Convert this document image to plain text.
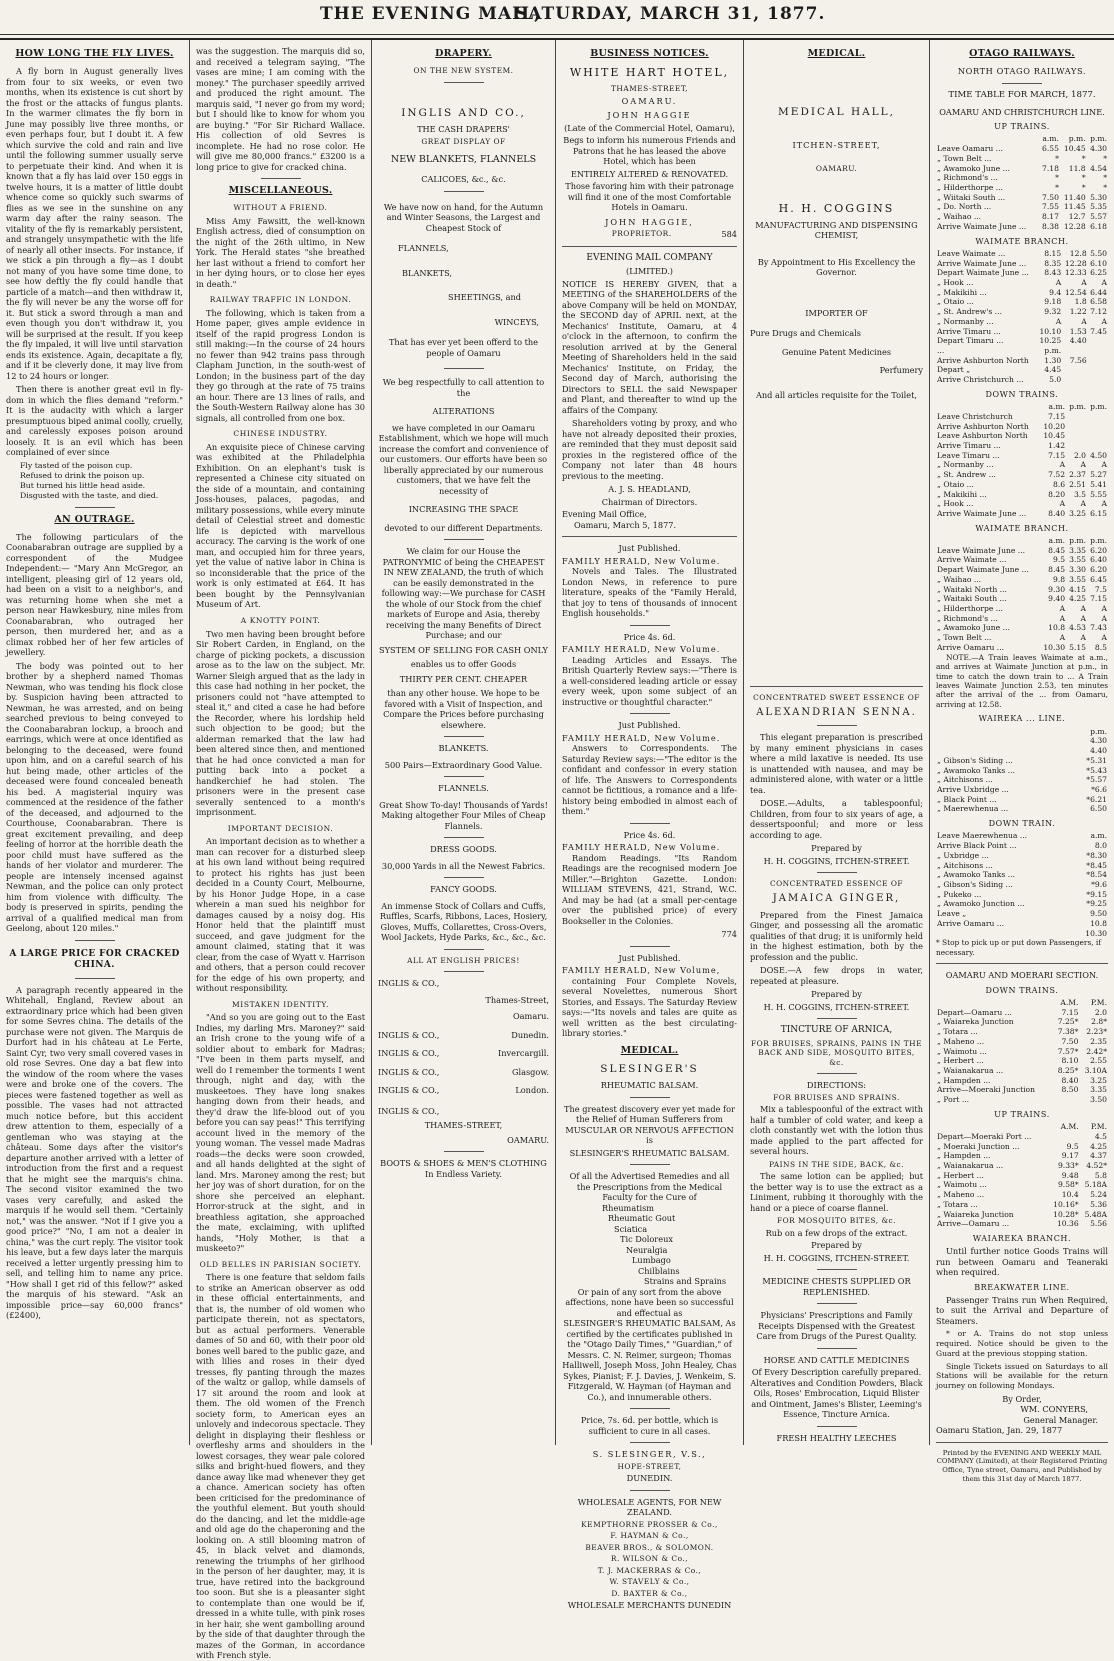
THE EVENING MAIL,
SATURDAY, MARCH 31, 1877.
HOW LONG THE FLY LIVES.

A fly born in August generally lives from four to six weeks, or even two months, when its existence is cut short by the frost or the attacks of fungus plants. In the warmer climates the fly born in June may possibly live three months, or even perhaps four, but I doubt it. A few which survive the cold and rain and live until the following summer usually serve to perpetuate their kind. And when it is known that a fly has laid over 150 eggs in twelve hours, it is a matter of little doubt whence come so quickly such swarms of flies as we see in the sunshine on any warm day after the rainy season. The vitality of the fly is remarkably persistent, and strangely unsympathetic with the life of nearly all other insects. For instance, if we stick a pin through a fly—as I doubt not many of you have some time done, to see how deftly the fly could handle that particle of a match—and then withdraw it, the fly will never be any the worse off for it. But stick a sword through a man and even though you don't withdraw it, you will be surprised at the result. If you keep the fly impaled, it will live until starvation ends its existence. Again, decapitate a fly, and if it be cleverly done, it may live from 12 to 24 hours or longer.

Then there is another great evil in fly-dom in which the flies demand "reform." It is the audacity with which a larger presumptuous biped animal coolly, cruelly, and carelessly exposes poison around loosely. It is an evil which has been complained of ever since

Fly tasted of the poison cup.
Refused to drink the poison up.
But turned his little head aside.
Disgusted with the taste, and died.
AN OUTRAGE.

The following particulars of the Coonabarabran outrage are supplied by a correspondent of the Mudgee Independent:— "Mary Ann McGregor, an intelligent, pleasing girl of 12 years old, had been on a visit to a neighbor's, and was returning home when she met a person near Hawkesbury, nine miles from Coonabarabran, who outraged her person, then murdered her, and as a climax robbed her of her few articles of jewellery.

The body was pointed out to her brother by a shepherd named Thomas Newman, who was tending his flock close by. Suspicion having been attracted to Newman, he was arrested, and on being searched previous to being conveyed to the Coonabarabran lockup, a brooch and earrings, which were at once identified as belonging to the deceased, were found upon him, and on a careful search of his hut being made, other articles of the deceased were found concealed beneath his bed. A magisterial inquiry was commenced at the residence of the father of the deceased, and adjourned to the Courthouse, Coonabarabran. There is great excitement prevailing, and deep feeling of horror at the horrible death the poor child must have suffered as the hands of her violator and murderer. The people are intensely incensed against Newman, and the police can only protect him from violence with difficulty. The body is preserved in spirits, pending the arrival of a qualified medical man from Geelong, about 120 miles."

A LARGE PRICE FOR CRACKED CHINA.

A paragraph recently appeared in the Whitehall, England, Review about an extraordinary price which had been given for some Sevres china. The details of the purchase were not given. The Marquis de Durfort had in his château at Le Ferte, Saint Cyr, two very small covered vases in old rose Sevres. One day a bat flew into the window of the room where the vases were and broke one of the covers. The pieces were fastened together as well as possible. The vases had not attracted much notice before, but this accident drew attention to them, especially of a gentleman who was staying at the château. Some days after the visitor's departure another arrived with a letter of introduction from the first and a request that he might see the marquis's china. The second visitor examined the two vases very carefully, and asked the marquis if he would sell them. "Certainly not," was the answer. "Not if I give you a good price?" "No, I am not a dealer in china," was the curt reply. The visitor took his leave, but a few days later the marquis received a letter urgently pressing him to sell, and telling him to name any price. "How shall I get rid of this fellow?" asked the marquis of his steward. "Ask an impossible price—say 60,000 francs" (£2400),

was the suggestion. The marquis did so, and received a telegram saying, "The vases are mine; I am coming with the money." The purchaser speedily arrived and produced the right amount. The marquis said, "I never go from my word; but I should like to know for whom you are buying." "For Sir Richard Wallace. His collection of old Sevres is incomplete. He had no rose color. He will give me 80,000 francs." £3200 is a long price to give for cracked china.

MISCELLANEOUS.
WITHOUT A FRIEND.

Miss Amy Fawsitt, the well-known English actress, died of consumption on the night of the 26th ultimo, in New York. The Herald states "she breathed her last without a friend to comfort her in her dying hours, or to close her eyes in death."

RAILWAY TRAFFIC IN LONDON.

The following, which is taken from a Home paper, gives ample evidence in itself of the rapid progress London is still making:—In the course of 24 hours no fewer than 942 trains pass through Clapham Junction, in the south-west of London; in the business part of the day they go through at the rate of 75 trains an hour. There are 13 lines of rails, and the South-Western Railway alone has 30 signals, all controlled from one box.

CHINESE INDUSTRY.

An exquisite piece of Chinese carving was exhibited at the Philadelphia Exhibition. On an elephant's tusk is represented a Chinese city situated on the side of a mountain, and containing Joss-houses, palaces, pagodas, and military possessions, while every minute detail of Celestial street and domestic life is depicted with marvellous accuracy. The carving is the work of one man, and occupied him for three years, yet the value of native labor in China is so inconsiderable that the price of the work is only estimated at £64. It has been bought by the Pennsylvanian Museum of Art.

A KNOTTY POINT.

Two men having been brought before Sir Robert Carden, in England, on the charge of picking pockets, a discussion arose as to the law on the subject. Mr. Warner Sleigh argued that as the lady in this case had nothing in her pocket, the prisoners could not "have attempted to steal it," and cited a case he had before the Recorder, where his lordship held such objection to be good; but the alderman remarked that the law had been altered since then, and mentioned that he had once convicted a man for putting back into a pocket a handkerchief he had stolen. The prisoners were in the present case severally sentenced to a month's imprisonment.

IMPORTANT DECISION.

An important decision as to whether a man can recover for a disturbed sleep at his own land without being required to protect his rights has just been decided in a County Court, Melbourne, by his Honor Judge Hope, in a case wherein a man sued his neighbor for damages caused by a noisy dog. His Honor held that the plaintiff must succeed, and gave judgment for the amount claimed, stating that it was clear, from the case of Wyatt v. Harrison and others, that a person could recover for the edge of his own property, and without responsibility.

MISTAKEN IDENTITY.

"And so you are going out to the East Indies, my darling Mrs. Maroney?" said an Irish crone to the young wife of a soldier about to embark for Madras; "I've been in them parts myself, and well do I remember the torments I went through, night and day, with the muskeetoes. They have long snakes hanging down from their heads, and they'd draw the life-blood out of you before you can say peas!" This terrifying account lived in the memory of the young woman. The vessel made Madras roads—the decks were soon crowded, and all hands delighted at the sight of land. Mrs. Maroney among the rest; but her joy was of short duration, for on the shore she perceived an elephant. Horror-struck at the sight, and in breathless agitation, she approached the mate, exclaiming, with uplifted hands, "Holy Mother, is that a muskeeto?"

OLD BELLES IN PARISIAN SOCIETY.

There is one feature that seldom fails to strike an American observer as odd in these official entertainments, and that is, the number of old women who participate therein, not as spectators, but as actual performers. Venerable dames of 50 and 60, with their poor old bones well bared to the public gaze, and with lilies and roses in their dyed tresses, fly panting through the mazes of the waltz or gallop, while damsels of 17 sit around the room and look at them. The old women of the French society form, to American eyes an unlovely and indecorous spectacle. They delight in displaying their fleshless or overfleshy arms and shoulders in the lowest corsages, they wear pale colored silks and bright-hued flowers, and they dance away like mad whenever they get a chance. American society has often been criticised for the predominance of the youthful element. But youth should do the dancing, and let the middle-age and old age do the chaperoning and the looking on. A still blooming matron of 45, in black velvet and diamonds, renewing the triumphs of her girlhood in the person of her daughter, may, it is true, have retired into the background too soon. But she is a pleasanter sight to contemplate than one would be if, dressed in a white tulle, with pink roses in her hair, she went gambolling around by the side of that daughter through the mazes of the Gorman, in accordance with French style.

DRAPERY.
ON THE NEW SYSTEM.
INGLIS AND CO.,
THE CASH DRAPERS'
GREAT DISPLAY OF
NEW BLANKETS, FLANNELS
CALICOES, &c., &c.

We have now on hand, for the Autumn and Winter Seasons, the Largest and Cheapest Stock of

FLANNELS,
BLANKETS,
SHEETINGS, and
WINCEYS,

That has ever yet been offerd to the people of Oamaru

We beg respectfully to call attention to the

ALTERATIONS

we have completed in our Oamaru Establishment, which we hope will much increase the comfort and convenience of our customers. Our efforts have been so liberally appreciated by our numerous customers, that we have felt the necessity of

INCREASING THE SPACE

devoted to our different Departments.

We claim for our House the PATRONYMIC of being the CHEAPEST IN NEW ZEALAND, the truth of which can be easily demonstrated in the following way:—We purchase for CASH the whole of our Stock from the chief markets of Europe and Asia, thereby receiving the many Benefits of Direct Purchase; and our

SYSTEM OF SELLING FOR CASH ONLY

enables us to offer Goods

THIRTY PER CENT. CHEAPER

than any other house. We hope to be favored with a Visit of Inspection, and Compare the Prices before purchasing elsewhere.

BLANKETS.

500 Pairs—Extraordinary Good Value.

FLANNELS.

Great Show To-day! Thousands of Yards! Making altogether Four Miles of Cheap Flannels.

DRESS GOODS.

30,000 Yards in all the Newest Fabrics.

FANCY GOODS.

An immense Stock of Collars and Cuffs, Ruffles, Scarfs, Ribbons, Laces, Hosiery, Gloves, Muffs, Collarettes, Cross-Overs, Wool Jackets, Hyde Parks, &c., &c., &c.

ALL AT ENGLISH PRICES!
INGLIS & CO.,
Thames-Street,
Oamaru.
INGLIS & CO.,	Dunedin.
INGLIS & CO.,	Invercargill.
INGLIS & CO.,	Glasgow.
INGLIS & CO.,	London.
INGLIS & CO.,
THAMES-STREET,
OAMARU.
BOOTS & SHOES & MEN'S CLOTHING In Endless Variety.
BUSINESS NOTICES.
WHITE HART HOTEL,
THAMES-STREET,
OAMARU.
JOHN HAGGIE
(Late of the Commercial Hotel, Oamaru),

Begs to inform his numerous Friends and Patrons that he has leased the above Hotel, which has been

ENTIRELY ALTERED & RENOVATED.

Those favoring him with their patronage will find it one of the most Comfortable Hotels in Oamaru.

JOHN HAGGIE,
PROPRIETOR.	584
EVENING MAIL COMPANY
(LIMITED.)

NOTICE IS HEREBY GIVEN, that a MEETING of the SHAREHOLDERS of the above Company will be held on MONDAY, the SECOND day of APRIL next, at the Mechanics' Institute, Oamaru, at 4 o'clock in the afternoon, to confirm the resolution arrived at by the General Meeting of Shareholders held in the said Mechanics' Institute, on Friday, the Second day of March, authorising the Directors to SELL the said Newspaper and Plant, and thereafter to wind up the affairs of the Company.

Shareholders voting by proxy, and who have not already deposited their proxies, are reminded that they must deposit said proxies in the registered office of the Company not later than 48 hours previous to the meeting.

A. J. S. HEADLAND,
Chairman of Directors.
Evening Mail Office,
Oamaru, March 5, 1877.
Just Published.
FAMILY HERALD, New Volume.

Novels and Tales. The Illustrated London News, in reference to pure literature, speaks of the "Family Herald, that joy to tens of thousands of innocent English households."

Price 4s. 6d.
FAMILY HERALD, New Volume.

Leading Articles and Essays. The British Quarterly Review says:—"There is a well-considered leading article or essay every week, upon some subject of an instructive or thoughtful character."

Just Published.
FAMILY HERALD, New Volume.

Answers to Correspondents. The Saturday Review says:—"The editor is the confidant and confessor in every station of life. The Answers to Correspondents cannot be fictitious, a romance and a life-history being embodied in almost each of them."

Price 4s. 6d.
FAMILY HERALD, New Volume.

Random Readings. "Its Random Readings are the recognised modern Joe Miller."—Brighton Gazette. London: WILLIAM STEVENS, 421, Strand, W.C. And may be had (at a small per-centage over the published price) of every Bookseller in the Colonies.

774
Just Published.
FAMILY HERALD, New Volume,

containing Four Complete Novels, several Novelettes, numerous Short Stories, and Essays. The Saturday Review says:—"Its novels and tales are quite as well written as the best circulating-library stories."

MEDICAL.
SLESINGER'S
RHEUMATIC BALSAM.

The greatest discovery ever yet made for the Relief of Human Sufferers from MUSCULAR OR NERVOUS AFFECTION is

SLESINGER'S RHEUMATIC BALSAM.

Of all the Advertised Remedies and all the Prescriptions from the Medical Faculty for the Cure of

Rheumatism
Rheumatic Gout
Sciatica
Tic Doloreux
Neuralgia
Lumbago
Chilblains
Strains and Sprains

Or pain of any sort from the above affections, none have been so successful and effectual as

SLESINGER'S RHEUMATIC BALSAM, As certified by the certificates published in the "Otago Daily Times," "Guardian," of Messrs. C. N. Reimer, surgeon; Thomas Halliwell, Joseph Moss, John Healey, Chas Sykes, Pianist; F. J. Davies, J. Wenkeim, S. Fitzgerald, W. Hayman (of Hayman and Co.), and innumerable others.

Price, 7s. 6d. per bottle, which is sufficient to cure in all cases.

S. SLESINGER, V.S.,
HOPE-STREET,
DUNEDIN.
WHOLESALE AGENTS, FOR NEW ZEALAND.
KEMPTHORNE PROSSER & Co.,
F. HAYMAN & Co.,
BEAVER BROS., & SOLOMON.
R. WILSON & Co.,
T. J. MACKERRAS & Co.,
W. STAVELY & Co.,
D. BAXTER & Co.,
WHOLESALE MERCHANTS DUNEDIN
MEDICAL.
MEDICAL HALL,
ITCHEN-STREET,
OAMARU.
H. H. COGGINS
MANUFACTURING AND DISPENSING CHEMIST,

By Appointment to His Excellency the Governor.

IMPORTER OF
Pure Drugs and Chemicals
Genuine Patent Medicines
Perfumery
And all articles requisite for the Toilet,
CONCENTRATED SWEET ESSENCE OF
ALEXANDRIAN SENNA.

This elegant preparation is prescribed by many eminent physicians in cases where a mild laxative is needed. Its use is unattended with nausea, and may be administered alone, with water or a little tea.

DOSE.—Adults, a tablespoonful; Children, from four to six years of age, a dessertspoonful; and more or less according to age.

Prepared by
H. H. COGGINS, ITCHEN-STREET.
CONCENTRATED ESSENCE OF
JAMAICA GINGER,

Prepared from the Finest Jamaica Ginger, and possessing all the aromatic qualities of that drug; it is uniformly held in the highest estimation, both by the profession and the public.

DOSE.—A few drops in water, repeated at pleasure.

Prepared by
H. H. COGGINS, ITCHEN-STREET.
TINCTURE OF ARNICA,
FOR BRUISES, SPRAINS, PAINS IN THE BACK AND SIDE, MOSQUITO BITES, &c.
DIRECTIONS:
FOR BRUISES AND SPRAINS.

Mix a tablespoonful of the extract with half a tumbler of cold water, and keep a cloth constantly wet with the lotion thus made applied to the part affected for several hours.

PAINS IN THE SIDE, BACK, &c.

The same lotion can be applied; but the better way is to use the extract as a Liniment, rubbing it thoroughly with the hand or a piece of coarse flannel.

FOR MOSQUITO BITES, &c.

Rub on a few drops of the extract.

Prepared by
H. H. COGGINS, ITCHEN-STREET.
MEDICINE CHESTS SUPPLIED OR REPLENISHED.

Physicians' Prescriptions and Family Receipts Dispensed with the Greatest Care from Drugs of the Purest Quality.

HORSE AND CATTLE MEDICINES

Of Every Description carefully prepared. Alteratives and Condition Powders, Black Oils, Roses' Embrocation, Liquid Blister and Ointment, James's Blister, Leeming's Essence, Tincture Arnica.

FRESH HEALTHY LEECHES
OTAGO RAILWAYS.
NORTH OTAGO RAILWAYS.
TIME TABLE FOR MARCH, 1877.
OAMARU AND CHRISTCHURCH LINE.
UP TRAINS.
	a.m.	p.m.	p.m.
Leave Oamaru ...	6.55	10.45	4.30
„ Town Belt ...	*	*	*
„ Awamoko June ...	7.18	11.8	4.54
„ Richmond's ...	*	*	*
„ Hilderthorpe ...	*	*	*
„ Wiitaki South ...	7.50	11.40	5.30
„ Do. North ...	7.55	11.45	5.35
„ Waihao ...	8.17	12.7	5.57
Arrive Waimate June ...	8.38	12.28	6.18
WAIMATE BRANCH.
Leave Waimate ...	8.15	12.8	5.50
Arrive Waimate June ...	8.35	12.28	6.10
Depart Waimate June ...	8.43	12.33	6.25
„ Hook ...	A	A	A
„ Makikihi ...	9.4	12.54	6.44
„ Otaio ...	9.18	1.8	6.58
„ St. Andrew's ...	9.32	1.22	7.12
„ Normanby ...	A	A	A
Arrive Timaru ...	10.10	1.53	7.45
Depart Timaru ...	10.25	4.40	
...	p.m.		
Arrive Ashburton North	1.30	7.56	
Depart „	4.45		
Arrive Christchurch ...	5.0		
DOWN TRAINS.
	a.m.	p.m.	p.m.
Leave Christchurch	7.15		
Arrive Ashburton North	10.20		
Leave Ashburton North	10.45		
Arrive Timaru ...	1.42		
Leave Timaru ...	7.15	2.0	4.50
„ Normanby ...	A	A	A
„ St. Andrew ...	7.52	2.37	5.27
„ Otaio ...	8.6	2.51	5.41
„ Makikihi ...	8.20	3.5	5.55
„ Hook ...	A	A	A
Arrive Waimate June ...	8.40	3.25	6.15
WAIMATE BRANCH.
	a.m.	p.m.	p.m.
Leave Waimate June ...	8.45	3.35	6.20
Arrive Waimate ...	9.5	3.55	6.40
Depart Waimate June ...	8.45	3.30	6.20
„ Waihao ...	9.8	3.55	6.45
„ Waitaki North ...	9.30	4.15	7.5
„ Waitaki South ...	9.40	4.25	7.15
„ Hilderthorpe ...	A	A	A
„ Richmond's ...	A	A	A
„ Awamoko June ...	10.8	4.53	7.43
„ Town Belt ...	A	A	A
Arrive Oamaru ...	10.30	5.15	8.5

NOTE.—A Train leaves Waimate at a.m., and arrives at Waimate Junction at p.m., in time to catch the down train to ... A Train leaves Waimate Junction 2.53, ten minutes after the arrival of the ... from Oamaru, arriving at 12.58.

WAIREKA ... LINE.
			p.m.
			4.30
			4.40
„ Gibson's Siding ...			*5.31
„ Awamoko Tanks ...			*5.43
„ Aitchisons ...			*5.57
Arrive Uxbridge ...			*6.6
„ Black Point ...			*6.21
„ Maerewhenua ...			6.50
DOWN TRAIN.
Leave Maerewhenua ...			a.m.
Arrive Black Point ...			8.0
„ Uxbridge ...			*8.30
„ Aitchisons ...			*8.45
„ Awamoko Tanks ...			*8.54
„ Gibson's Siding ...			*9.6
„ Pukeko ...			*9.15
„ Awamoko Junction ...			*9.25
Leave „			9.50
Arrive Oamaru ...			10.8
			10.30

* Stop to pick up or put down Passengers, if necessary.

OAMARU AND MOERARI SECTION.
DOWN TRAINS.
	A.M.	P.M.
Depart—Oamaru ...	7.15	2.0
„ Waiareka Junction	7.25*	2.8*
„ Totara ...	7.38*	2.23*
„ Maheno ...	7.50	2.35
„ Waimotu ...	7.57*	2.42*
„ Herbert ...	8.10	2.55
„ Waianakarua ...	8.25*	3.10A
„ Hampden ...	8.40	3.25
Arrive—Moeraki Junction	8.50	3.35
„ Port ...		3.50
UP TRAINS.
	A.M.	P.M.
Depart—Moeraki Port ...		4.5
„ Moeraki Junction ...	9.5	4.25
„ Hampden ...	9.17	4.37
„ Waianakarua ...	9.33*	4.52*
„ Herbert ...	9.48	5.8
„ Waimotu ...	9.58*	5.18A
„ Maheno ...	10.4	5.24
„ Totara ...	10.16*	5.36
„ Waiareka Junction	10.28*	5.48A
Arrive—Oamaru ...	10.36	5.56
WAIAREKA BRANCH.

Until further notice Goods Trains will run between Oamaru and Teaneraki when required.

BREAKWATER LINE.

Passenger Trains run When Required, to suit the Arrival and Departure of Steamers.

* or A. Trains do not stop unless required. Notice should be given to the Guard at the previous stopping station.

Single Tickets issued on Saturdays to all Stations will be available for the return journey on following Mondays.

By Order,
WM. CONYERS,
General Manager.
Oamaru Station, Jan. 29, 1877

Printed by the EVENING AND WEEKLY MAIL COMPANY (Limited), at their Registered Printing Office, Tyne street, Oamaru, and Published by them this 31st day of March 1877.
